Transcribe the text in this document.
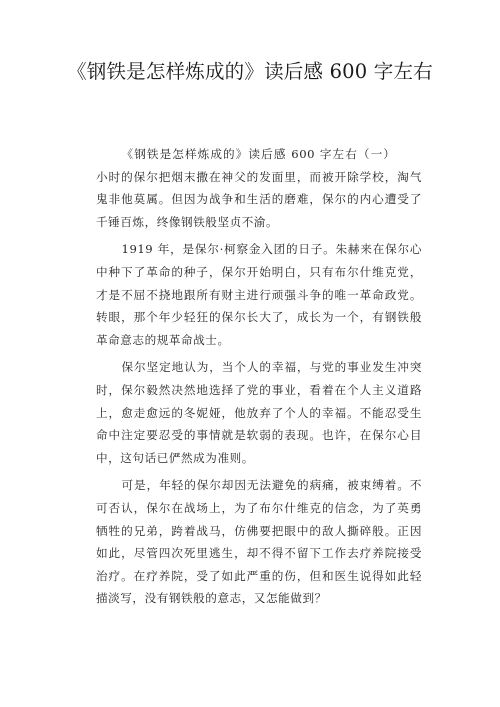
《钢铁是怎样炼成的》读后感 600 字左右

《钢铁是怎样炼成的》读后感 600 字左右（一）小时的保尔把烟末撒在神父的发面里，而被开除学校，淘气鬼非他莫属。但因为战争和生活的磨难，保尔的内心遭受了千锤百炼，终像钢铁般坚贞不渝。

1919 年，是保尔·柯察金入团的日子。朱赫来在保尔心中种下了革命的种子，保尔开始明白，只有布尔什维克党，才是不屈不挠地跟所有财主进行顽强斗争的唯一革命政党。转眼，那个年少轻狂的保尔长大了，成长为一个，有钢铁般革命意志的规革命战士。

保尔坚定地认为，当个人的幸福，与党的事业发生冲突时，保尔毅然决然地选择了党的事业，看着在个人主义道路上，愈走愈远的冬妮娅，他放弃了个人的幸福。不能忍受生命中注定要忍受的事情就是软弱的表现。也许，在保尔心目中，这句话已俨然成为准则。

可是，年轻的保尔却因无法避免的病痛，被束缚着。不可否认，保尔在战场上，为了布尔什维克的信念，为了英勇牺牲的兄弟，跨着战马，仿佛要把眼中的敌人撕碎般。正因如此，尽管四次死里逃生，却不得不留下工作去疗养院接受治疗。在疗养院，受了如此严重的伤，但和医生说得如此轻描淡写，没有钢铁般的意志，又怎能做到？
